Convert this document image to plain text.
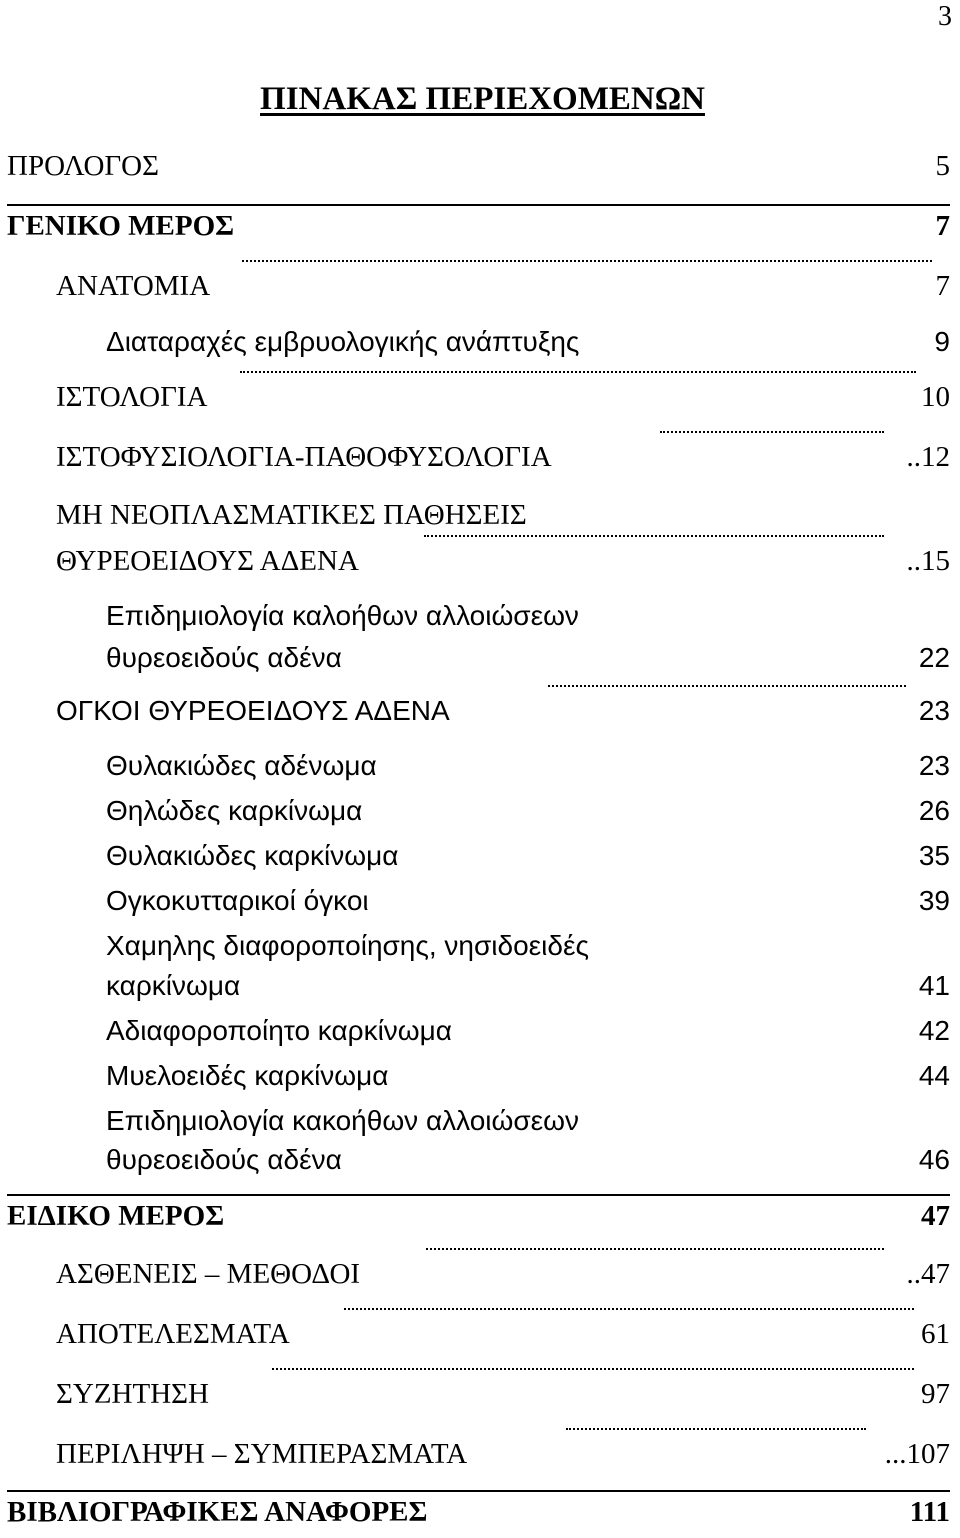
3
ΠΙΝΑΚΑΣ ΠΕΡΙΕΧΟΜΕΝΩΝ
ΠΡΟΛΟΓΟΣ	5
ΓΕΝΙΚΟ ΜΕΡΟΣ	7
ΑΝΑΤΟΜΙΑ	7
Διαταραχές εμβρυολογικής ανάπτυξης	9
ΙΣΤΟΛΟΓΙΑ	10
ΙΣΤΟΦΥΣΙΟΛΟΓΙΑ-ΠΑΘΟΦΥΣΟΛΟΓΙΑ	..12
ΜΗ ΝΕΟΠΛΑΣΜΑΤΙΚΕΣ ΠΑΘΗΣΕΙΣ
ΘΥΡΕΟΕΙΔΟΥΣ ΑΔΕΝΑ	..15
Επιδημιολογία καλοήθων αλλοιώσεων
θυρεοειδούς αδένα	22
ΟΓΚΟΙ ΘΥΡΕΟΕΙΔΟΥΣ ΑΔΕΝΑ	23
Θυλακιώδες αδένωμα	23
Θηλώδες καρκίνωμα	26
Θυλακιώδες καρκίνωμα	35
Ογκοκυτταρικοί όγκοι	39
Χαμηλης διαφοροποίησης, νησιδοειδές
καρκίνωμα	41
Αδιαφοροποίητο καρκίνωμα	42
Μυελοειδές καρκίνωμα	44
Επιδημιολογία κακοήθων αλλοιώσεων
θυρεοειδούς αδένα	46
ΕΙΔΙΚΟ ΜΕΡΟΣ	47
ΑΣΘΕΝΕΙΣ – ΜΕΘΟΔΟΙ	..47
ΑΠΟΤΕΛΕΣΜΑΤΑ	61
ΣΥΖΗΤΗΣΗ	97
ΠΕΡΙΛΗΨΗ – ΣΥΜΠΕΡΑΣΜΑΤΑ	...107
ΒΙΒΛΙΟΓΡΑΦΙΚΕΣ ΑΝΑΦΟΡΕΣ	111
